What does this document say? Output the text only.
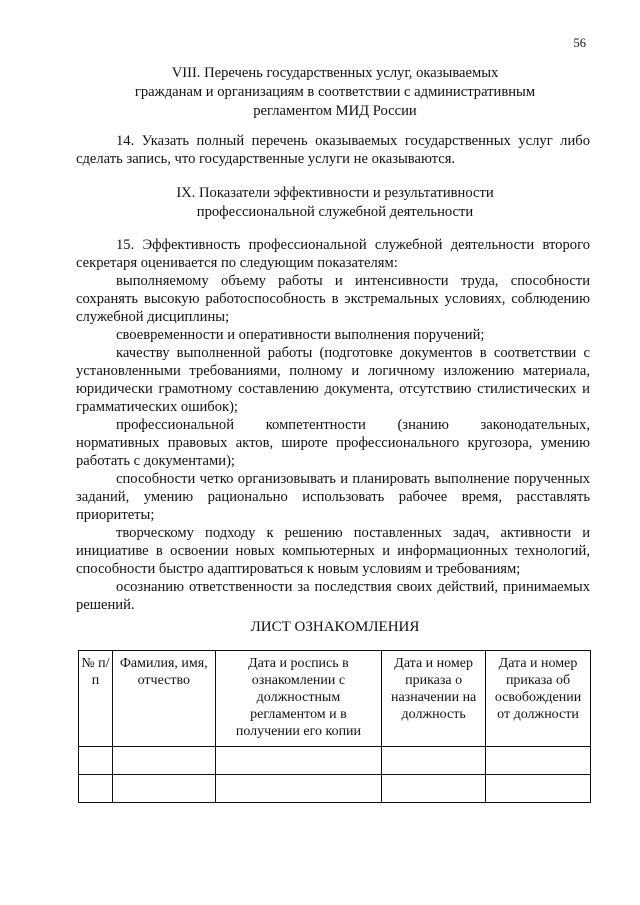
56
VIII. Перечень государственных услуг, оказываемых
гражданам и организациям в соответствии с административным
регламентом МИД России

14. Указать полный перечень оказываемых государственных услуг либо сделать запись, что государственные услуги не оказываются.

IX. Показатели эффективности и результативности
профессиональной служебной деятельности

15. Эффективность профессиональной служебной деятельности второго секретаря оценивается по следующим показателям:

выполняемому объему работы и интенсивности труда, способности сохранять высокую работоспособность в экстремальных условиях, соблюдению служебной дисциплины;

своевременности и оперативности выполнения поручений;

качеству выполненной работы (подготовке документов в соответствии с установленными требованиями, полному и логичному изложению материала, юридически грамотному составлению документа, отсутствию стилистических и грамматических ошибок);

профессиональной компетентности (знанию законодательных, нормативных правовых актов, широте профессионального кругозора, умению работать с документами);

способности четко организовывать и планировать выполнение порученных заданий, умению рационально использовать рабочее время, расставлять приоритеты;

творческому подходу к решению поставленных задач, активности и инициативе в освоении новых компьютерных и информационных технологий, способности быстро адаптироваться к новым условиям и требованиям;

осознанию ответственности за последствия своих действий, принимаемых решений.

ЛИСТ ОЗНАКОМЛЕНИЯ
№ п/п	Фамилия, имя, отчество	Дата и роспись в ознакомлении с должностным регламентом и в получении его копии	Дата и номер приказа о назначении на должность	Дата и номер приказа об освобождении от должности
